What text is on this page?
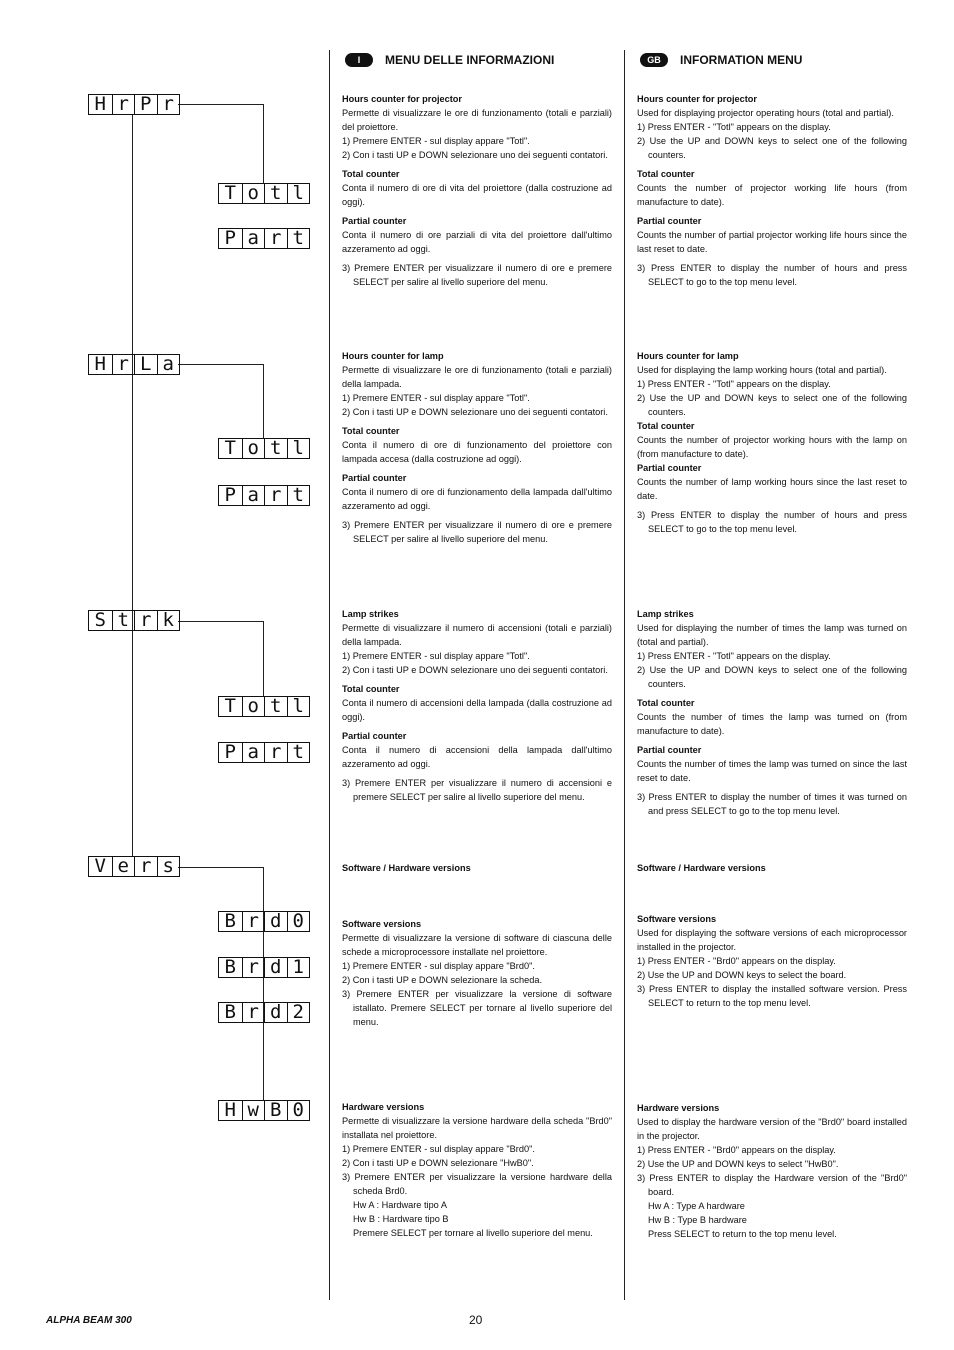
H r P r
T o t l
P a r t
H r L a
T o t l
P a r t
S t r k
T o t l
P a r t
V e r s
B r d 0
B r d 1
B r d 2
H w B 0
I	MENU DELLE INFORMAZIONI	GB	INFORMATION MENU

Hours counter for projector

Permette di visualizzare le ore di funzionamento (totali e parziali) del proiettore.

1) Premere ENTER - sul display appare "Totl".

2) Con i tasti UP e DOWN selezionare uno dei seguenti contatori.

Total counter

Conta il numero di ore di vita del proiettore (dalla costruzione ad oggi).

Partial counter

Conta il numero di ore parziali di vita del proiettore dall'ultimo azzeramento ad oggi.

3) Premere ENTER per visualizzare il numero di ore e premere SELECT per salire al livello superiore del menu.

Hours counter for lamp

Permette di visualizzare le ore di funzionamento (totali e parziali) della lampada.

1) Premere ENTER - sul display appare "Totl".

2) Con i tasti UP e DOWN selezionare uno dei seguenti contatori.

Total counter

Conta il numero di ore di funzionamento del proiettore con lampada accesa (dalla costruzione ad oggi).

Partial counter

Conta il numero di ore di funzionamento della lampada dall'ultimo azzeramento ad oggi.

3) Premere ENTER per visualizzare il numero di ore e premere SELECT per salire al livello superiore del menu.

Lamp strikes

Permette di visualizzare il numero di accensioni (totali e parziali) della lampada.

1) Premere ENTER - sul display appare "Totl".

2) Con i tasti UP e DOWN selezionare uno dei seguenti contatori.

Total counter

Conta il numero di accensioni della lampada (dalla costruzione ad oggi).

Partial counter

Conta il numero di accensioni della lampada dall'ultimo azzeramento ad oggi.

3) Premere ENTER per visualizzare il numero di accensioni e premere SELECT per salire al livello superiore del menu.

Software / Hardware versions

Software versions

Permette di visualizzare la versione di software di ciascuna delle schede a microprocessore installate nel proiettore.

1) Premere ENTER - sul display appare "Brd0".

2) Con i tasti UP e DOWN selezionare la scheda.

3) Premere ENTER per visualizzare la versione di software istallato. Premere SELECT per tornare al livello superiore del menu.

Hardware versions

Permette di visualizzare la versione hardware della scheda "Brd0" installata nel proiettore.

1) Premere ENTER - sul display appare "Brd0".

2) Con i tasti UP e DOWN selezionare "HwB0".

3) Premere ENTER per visualizzare la versione hardware della scheda Brd0.

Hw A : Hardware tipo A

Hw B : Hardware tipo B

Premere SELECT per tornare al livello superiore del menu.

Hours counter for projector

Used for displaying projector operating hours (total and partial).

1) Press ENTER - "Totl" appears on the display.

2) Use the UP and DOWN keys to select one of the following counters.

Total counter

Counts the number of projector working life hours (from manufacture to date).

Partial counter

Counts the number of partial projector working life hours since the last reset to date.

3) Press ENTER to display the number of hours and press SELECT to go to the top menu level.

Hours counter for lamp

Used for displaying the lamp working hours (total and partial).

1) Press ENTER - "Totl" appears on the display.

2) Use the UP and DOWN keys to select one of the following counters.

Total counter

Counts the number of projector working hours with the lamp on (from manufacture to date).

Partial counter

Counts the number of lamp working hours since the last reset to date.

3) Press ENTER to display the number of hours and press SELECT to go to the top menu level.

Lamp strikes

Used for displaying the number of times the lamp was turned on (total and partial).

1) Press ENTER - "Totl" appears on the display.

2) Use the UP and DOWN keys to select one of the following counters.

Total counter

Counts the number of times the lamp was turned on (from manufacture to date).

Partial counter

Counts the number of times the lamp was turned on since the last reset to date.

3) Press ENTER to display the number of times it was turned on and press SELECT to go to the top menu level.

Software / Hardware versions

Software versions

Used for displaying the software versions of each microprocessor installed in the projector.

1) Press ENTER - "Brd0" appears on the display.

2) Use the UP and DOWN keys to select the board.

3) Press ENTER to display the installed software version. Press SELECT to return to the top menu level.

Hardware versions

Used to display the hardware version of the "Brd0" board installed in the projector.

1) Press ENTER - "Brd0" appears on the display.

2) Use the UP and DOWN keys to select "HwB0".

3) Press ENTER to display the Hardware version of the "Brd0" board.

Hw A : Type A hardware

Hw B : Type B hardware

Press SELECT to return to the top menu level.

ALPHA BEAM 300	20
